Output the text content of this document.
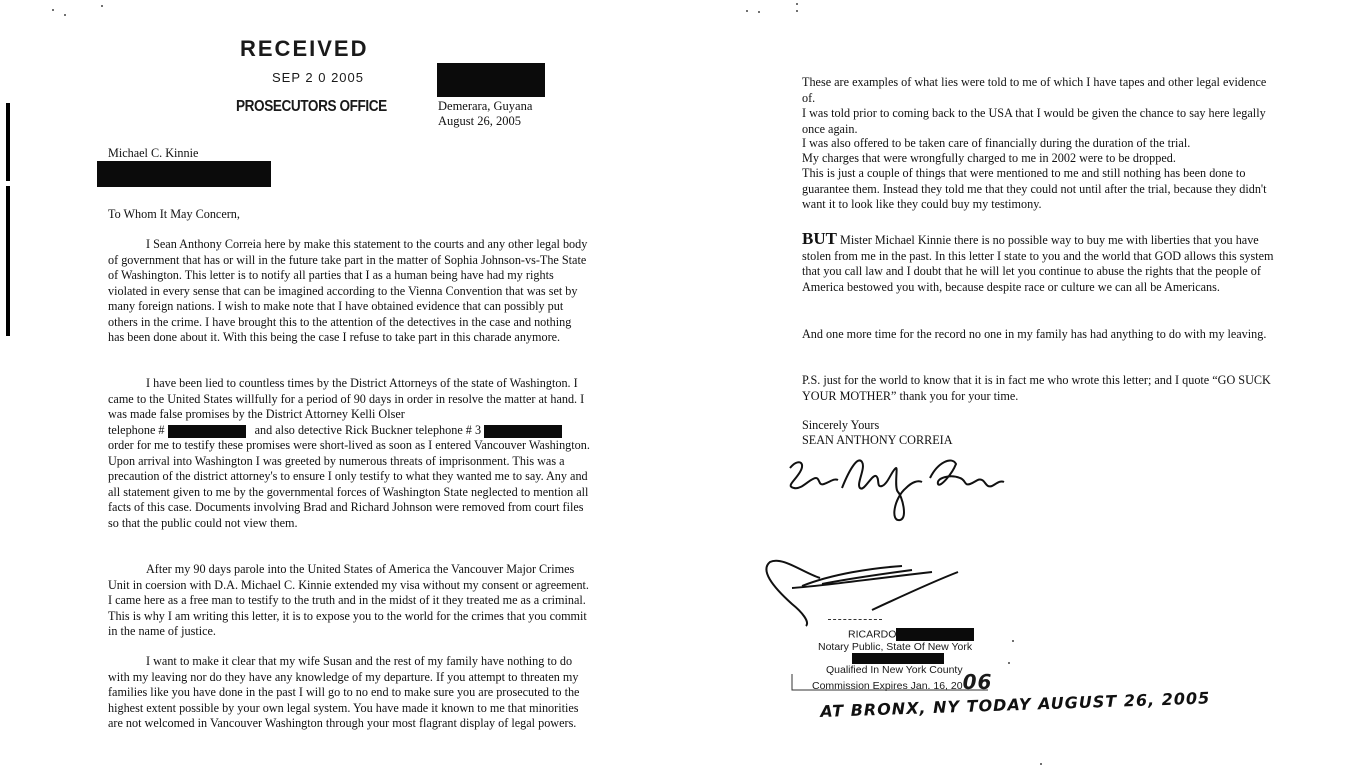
RECEIVED
SEP 2 0 2005
PROSECUTORS OFFICE	Demerara, Guyana
August 26, 2005
Michael C. Kinnie
To Whom It May Concern,

I Sean Anthony Correia here by make this statement to the courts and any other legal body of government that has or will in the future take part in the matter of Sophia Johnson-vs-The State of Washington. This letter is to notify all parties that I as a human being have had my rights violated in every sense that can be imagined according to the Vienna Convention that was set by many foreign nations. I wish to make note that I have obtained evidence that can possibly put others in the crime. I have brought this to the attention of the detectives in the case and nothing has been done about it. With this being the case I refuse to take part in this charade anymore.

I have been lied to countless times by the District Attorneys of the state of Washington. I came to the United States willfully for a period of 90 days in order in resolve the matter at hand. I was made false promises by the District Attorney Kelli Olser

telephone #	and also detective Rick Buckner telephone # 3

order for me to testify these promises were short-lived as soon as I entered Vancouver Washington. Upon arrival into Washington I was greeted by numerous threats of imprisonment. This was a precaution of the district attorney's to ensure I only testify to what they wanted me to say. Any and all statement given to me by the governmental forces of Washington State neglected to mention all facts of this case. Documents involving Brad and Richard Johnson were removed from court files so that the public could not view them.

After my 90 days parole into the United States of America the Vancouver Major Crimes Unit in coersion with D.A. Michael C. Kinnie extended my visa without my consent or agreement. I came here as a free man to testify to the truth and in the midst of it they treated me as a criminal. This is why I am writing this letter, it is to expose you to the world for the crimes that you commit in the name of justice.

I want to make it clear that my wife Susan and the rest of my family have nothing to do with my leaving nor do they have any knowledge of my departure. If you attempt to threaten my families like you have done in the past I will go to no end to make sure you are prosecuted to the highest extent possible by your own legal system. You have made it known to me that minorities are not welcomed in Vancouver Washington through your most flagrant display of legal powers.

These are examples of what lies were told to me of which I have tapes and other legal evidence of.

I was told prior to coming back to the USA that I would be given the chance to say here legally once again.

I was also offered to be taken care of financially during the duration of the trial.

My charges that were wrongfully charged to me in 2002 were to be dropped.

This is just a couple of things that were mentioned to me and still nothing has been done to guarantee them. Instead they told me that they could not until after the trial, because they didn't want it to look like they could buy my testimony.

BUT Mister Michael Kinnie there is no possible way to buy me with liberties that you have stolen from me in the past. In this letter I state to you and the world that GOD allows this system that you call law and I doubt that he will let you continue to abuse the rights that the people of America bestowed you with, because despite race or culture we can all be Americans.

And one more time for the record no one in my family has had anything to do with my leaving.

P.S. just for the world to know that it is in fact me who wrote this letter; and I quote “GO SUCK YOUR MOTHER” thank you for your time.

Sincerely Yours
SEAN ANTHONY CORREIA
RICARDO
Notary Public, State Of New York
Qualified In New York County
Commission Expires Jan. 16, 2006
AT BRONX, NY TODAY AUGUST 26, 2005
